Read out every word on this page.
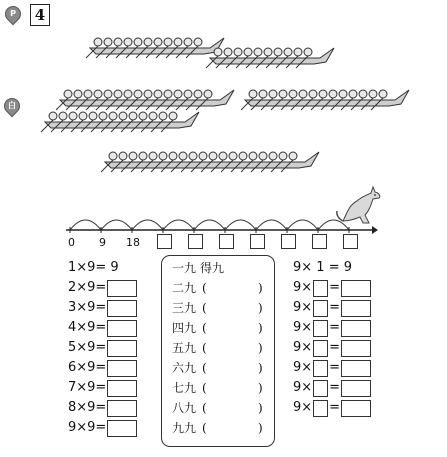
P	4
白
0 9 18
1×9= 9
2×9=
3×9=
4×9=
5×9=
6×9=
7×9=
8×9=
9×9=
一九 得九
二九 (	)
三九 (	)
四九 (	)
五九 (	)
六九 (	)
七九 (	)
八九 (	)
九九 (	)
9× 1 = 9
9× =
9× =
9× =
9× =
9× =
9× =
9× =
